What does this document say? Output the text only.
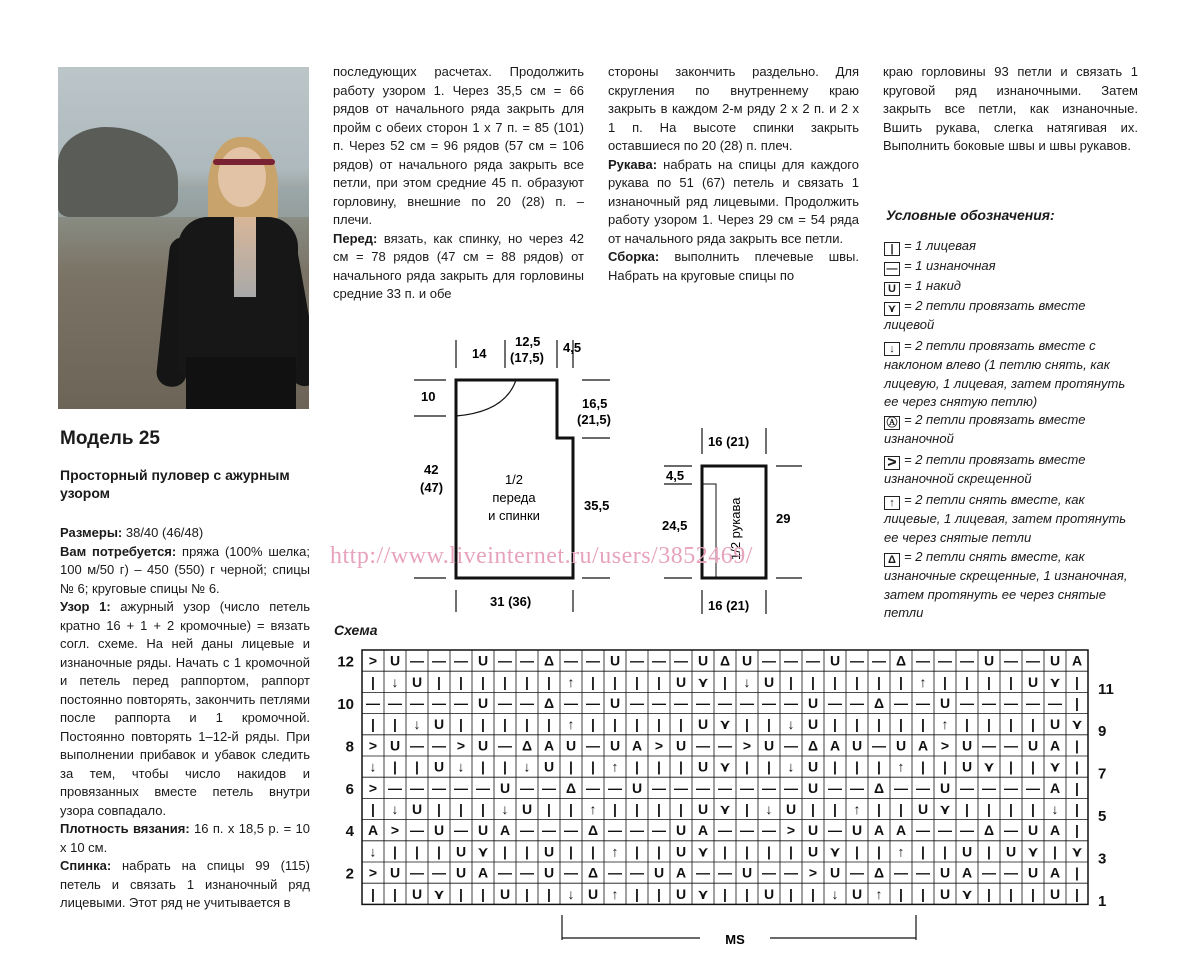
Модель 25
Просторный пуловер с ажурным узором
Размеры: 38/40 (46/48)
Вам потребуется: пряжа (100% шелка; 100 м/50 г) – 450 (550) г черной; спицы № 6; круговые спицы № 6.
Узор 1: ажурный узор (число петель кратно 16 + 1 + 2 кромочные) = вязать согл. схеме. На ней даны лицевые и изнаночные ряды. Начать с 1 кромочной и петель перед раппортом, раппорт постоянно повторять, закончить петлями после раппорта и 1 кромочной. Постоянно повторять 1–12-й ряды. При выполнении прибавок и убавок следить за тем, чтобы число накидов и провязанных вместе петель внутри узора совпадало.
Плотность вязания: 16 п. х 18,5 р. = 10 х 10 см.
Спинка: набрать на спицы 99 (115) петель и связать 1 изнаночный ряд лицевыми. Этот ряд не учитывается в
последующих расчетах. Продолжить работу узором 1. Через 35,5 см = 66 рядов от начального ряда закрыть для пройм с обеих сторон 1 х 7 п. = 85 (101) п. Через 52 см = 96 рядов (57 см = 106 рядов) от начального ряда закрыть все петли, при этом средние 45 п. образуют горловину, внешние по 20 (28) п. – плечи.
Перед: вязать, как спинку, но через 42 см = 78 рядов (47 см = 88 рядов) от начального ряда закрыть для горловины средние 33 п. и обе
стороны закончить раздельно. Для скругления по внутреннему краю закрыть в каждом 2-м ряду 2 х 2 п. и 2 х 1 п. На высоте спинки закрыть оставшиеся по 20 (28) п. плеч.
Рукава: набрать на спицы для каждого рукава по 51 (67) петель и связать 1 изнаночный ряд лицевыми. Продолжить работу узором 1. Через 29 см = 54 ряда от начального ряда закрыть все петли.
Сборка: выполнить плечевые швы. Набрать на круговые спицы по
краю горловины 93 петли и связать 1 круговой ряд изнаночными. Затем закрыть все петли, как изнаночные. Вшить рукава, слегка натягивая их. Выполнить боковые швы и швы рукавов.
Условные обозначения:
| = 1 лицевая
— = 1 изнаночная
U = 1 накид
⋎ = 2 петли провязать вместе лицевой
↓ = 2 петли провязать вместе с наклоном влево (1 петлю снять, как лицевую, 1 лицевая, затем протянуть ее через снятую петлю)
Ⓐ = 2 петли провязать вместе изнаночной
ᐳ = 2 петли провязать вместе изнаночной скрещенной
↑ = 2 петли снять вместе, как лицевые, 1 лицевая, затем протянуть ее через снятые петли
Δ = 2 петли снять вместе, как изнаночные скрещенные, 1 изнаночная, затем протянуть ее через снятые петли
Схема
14
12,5
(17,5)
4,5
10	16,5
(21,5)
42
(47)
35,5
31 (36)
1/2
переда
и спинки
16 (21)
4,5
24,5	29
16 (21)
1/2 рукава
> U — — — U — — Δ — — U — — — U Δ U — — — U — — Δ — — — U — — U A
| ↓ U | | | | | | ↑ | | | | U ⋎ | ↓ U | | | | | | ↑ | | | | U ⋎ |
— — — — — U — — Δ — — U — — — — — — — — U — — Δ — — U — — — — — |
| | ↓ U | | | | | ↑ | | | | | U ⋎ | | ↓ U | | | | | ↑ | | | | U ⋎
> U — — > U — Δ A U — U A > U — — > U — Δ A U — U A > U — — U A |
↓ | | U ↓ | | ↓ U | | ↑ | | | U ⋎ | | ↓ U | | | ↑ | | U ⋎ | | ⋎ |
> — — — — — U — — Δ — — U — — — — — — — U — — Δ — — U — — — — A |
| ↓ U | | | ↓ U | | ↑ | | | | U ⋎ | ↓ U | | ↑ | | U ⋎ | | | | ↓ |
A > — U — U A — — — Δ — — — U A — — — > U — U A A — — — Δ — U A |
↓ | | | U ⋎ | | U | | ↑ | | U ⋎ | | | | U ⋎ | | ↑ | | U | U ⋎ | ⋎
> U — — U A — — U — Δ — — U A — — U — — > U — Δ — — U A — — U A |
| | U ⋎ | | U | | ↓ U ↑ | | U ⋎ | | U | | ↓ U ↑ | | U ⋎ | | | U |
12
10
8
6
4
2
11
9
7
5
3
1
MS
http://www.liveinternet.ru/users/3852469/
